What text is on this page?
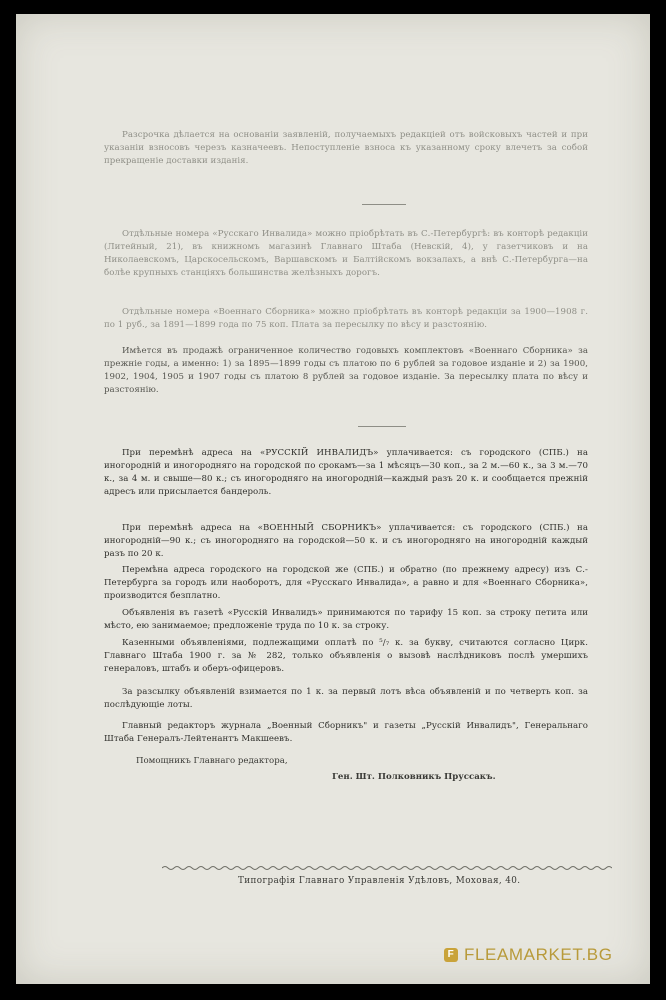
Разсрочка дѣлается на основаніи заявленій, получаемыхъ редакціей отъ войсковыхъ частей и при указаніи взносовъ черезъ казначеевъ. Непоступленіе взноса къ указанному сроку влечетъ за собой прекращеніе доставки изданія.
Отдѣльные номера «Русскаго Инвалида» можно пріобрѣтать въ С.-Петербургѣ: въ конторѣ редакціи (Литейный, 21), въ книжномъ магазинѣ Главнаго Штаба (Невскій, 4), у газетчиковъ и на Николаевскомъ, Царскосельскомъ, Варшавскомъ и Балтійскомъ вокзалахъ, а внѣ С.-Петербурга—на болѣе крупныхъ станціяхъ большинства желѣзныхъ дорогъ.
Отдѣльные номера «Военнаго Сборника» можно пріобрѣтать въ конторѣ редакціи за 1900—1908 г. по 1 руб., за 1891—1899 года по 75 коп. Плата за пересылку по вѣсу и разстоянію.
Имѣется въ продажѣ ограниченное количество годовыхъ комплектовъ «Военнаго Сборника» за прежніе годы, а именно: 1) за 1895—1899 годы съ платою по 6 рублей за годовое изданіе и 2) за 1900, 1902, 1904, 1905 и 1907 годы съ платою 8 рублей за годовое изданіе. За пересылку плата по вѣсу и разстоянію.
При перемѣнѣ адреса на «РУССКІЙ ИНВАЛИДЪ» уплачивается: съ городского (СПБ.) на иногородній и иногородняго на городской по срокамъ—за 1 мѣсяцъ—30 коп., за 2 м.—60 к., за 3 м.—70 к., за 4 м. и свыше—80 к.; съ иногородняго на иногородній—каждый разъ 20 к. и сообщается прежній адресъ или присылается бандероль.
При перемѣнѣ адреса на «ВОЕННЫЙ СБОРНИКЪ» уплачивается: съ городского (СПБ.) на иногородній—90 к.; съ иногородняго на городской—50 к. и съ иногородняго на иногородній каждый разъ по 20 к.
Перемѣна адреса городского на городской же (СПБ.) и обратно (по прежнему адресу) изъ С.-Петербурга за городъ или наоборотъ, для «Русскаго Инвалида», а равно и для «Военнаго Сборника», производится безплатно.
Объявленія въ газетѣ «Русскій Инвалидъ» принимаются по тарифу 15 коп. за строку петита или мѣсто, ею занимаемое; предложеніе труда по 10 к. за строку.
Казенными объявленіями, подлежащими оплатѣ по ⁵/₇ к. за букву, считаются согласно Цирк. Главнаго Штаба 1900 г. за № 282, только объявленія о вызовѣ наслѣдниковъ послѣ умершихъ генераловъ, штабъ и оберъ-офицеровъ.
За разсылку объявленій взимается по 1 к. за первый лотъ вѣса объявленій и по четверть коп. за послѣдующіе лоты.
Главный редакторъ журнала „Военный Сборникъ" и газеты „Русскій Инвалидъ", Генеральнаго Штаба Генералъ-Лейтенантъ Макшеевъ.
Помощникъ Главнаго редактора,
Ген. Шт. Полковникъ Пруссакъ.
Типографія Главнаго Управленія Удѣловъ, Моховая, 40.
F FLEAMARKET.BG
